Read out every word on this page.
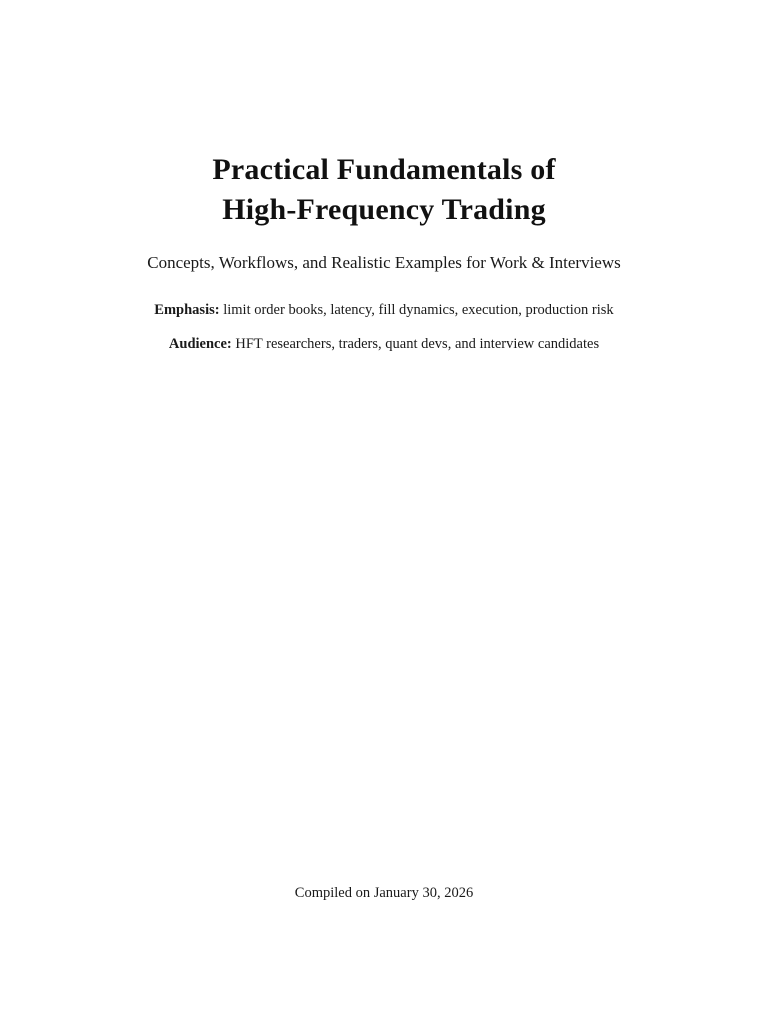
Practical Fundamentals of
High-Frequency Trading
Concepts, Workflows, and Realistic Examples for Work & Interviews
Emphasis: limit order books, latency, fill dynamics, execution, production risk
Audience: HFT researchers, traders, quant devs, and interview candidates
Compiled on January 30, 2026
